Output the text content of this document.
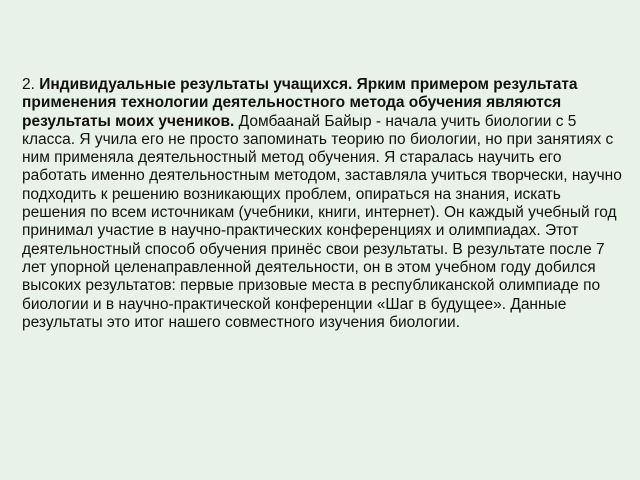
2. Индивидуальные результаты учащихся. Ярким примером результата применения технологии деятельностного метода обучения являются результаты моих учеников. Домбаанай Байыр - начала учить биологии с 5 класса. Я учила его не просто запоминать теорию по биологии, но при занятиях с ним применяла деятельностный метод обучения. Я старалась научить его работать именно деятельностным методом, заставляла учиться творчески, научно подходить к решению возникающих проблем, опираться на знания, искать решения по всем источникам (учебники, книги, интернет). Он каждый учебный год принимал участие в научно-практических конференциях и олимпиадах. Этот деятельностный способ обучения принёс свои результаты. В результате после 7 лет упорной целенаправленной деятельности, он в этом учебном году добился высоких результатов: первые призовые места в республиканской олимпиаде по биологии и в научно-практической конференции «Шаг в будущее». Данные результаты это итог нашего совместного изучения биологии.
